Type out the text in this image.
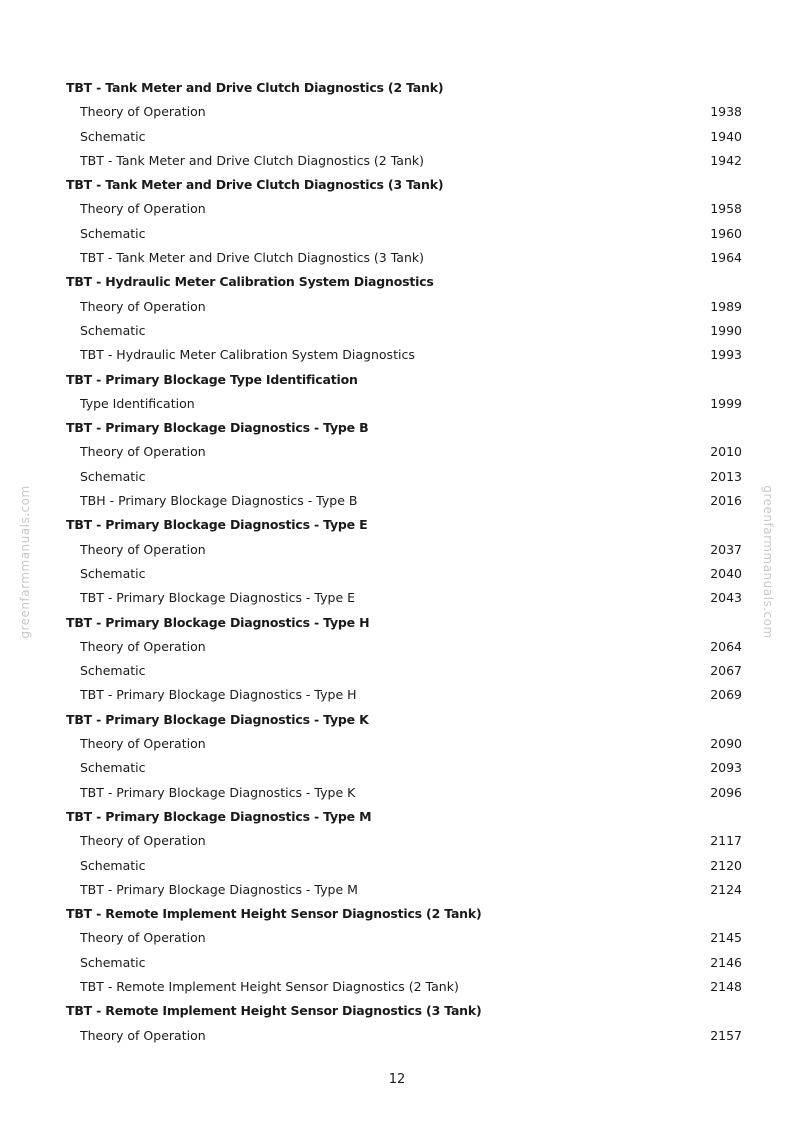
greenfarmmanuals.com	greenfarmmanuals.com
TBT - Tank Meter and Drive Clutch Diagnostics (2 Tank)
Theory of Operation	1938
Schematic	1940
TBT - Tank Meter and Drive Clutch Diagnostics (2 Tank)	1942
TBT - Tank Meter and Drive Clutch Diagnostics (3 Tank)
Theory of Operation	1958
Schematic	1960
TBT - Tank Meter and Drive Clutch Diagnostics (3 Tank)	1964
TBT - Hydraulic Meter Calibration System Diagnostics
Theory of Operation	1989
Schematic	1990
TBT - Hydraulic Meter Calibration System Diagnostics	1993
TBT - Primary Blockage Type Identification
Type Identification	1999
TBT - Primary Blockage Diagnostics - Type B
Theory of Operation	2010
Schematic	2013
TBH - Primary Blockage Diagnostics - Type B	2016
TBT - Primary Blockage Diagnostics - Type E
Theory of Operation	2037
Schematic	2040
TBT - Primary Blockage Diagnostics - Type E	2043
TBT - Primary Blockage Diagnostics - Type H
Theory of Operation	2064
Schematic	2067
TBT - Primary Blockage Diagnostics - Type H	2069
TBT - Primary Blockage Diagnostics - Type K
Theory of Operation	2090
Schematic	2093
TBT - Primary Blockage Diagnostics - Type K	2096
TBT - Primary Blockage Diagnostics - Type M
Theory of Operation	2117
Schematic	2120
TBT - Primary Blockage Diagnostics - Type M	2124
TBT - Remote Implement Height Sensor Diagnostics (2 Tank)
Theory of Operation	2145
Schematic	2146
TBT - Remote Implement Height Sensor Diagnostics (2 Tank)	2148
TBT - Remote Implement Height Sensor Diagnostics (3 Tank)
Theory of Operation	2157
12
